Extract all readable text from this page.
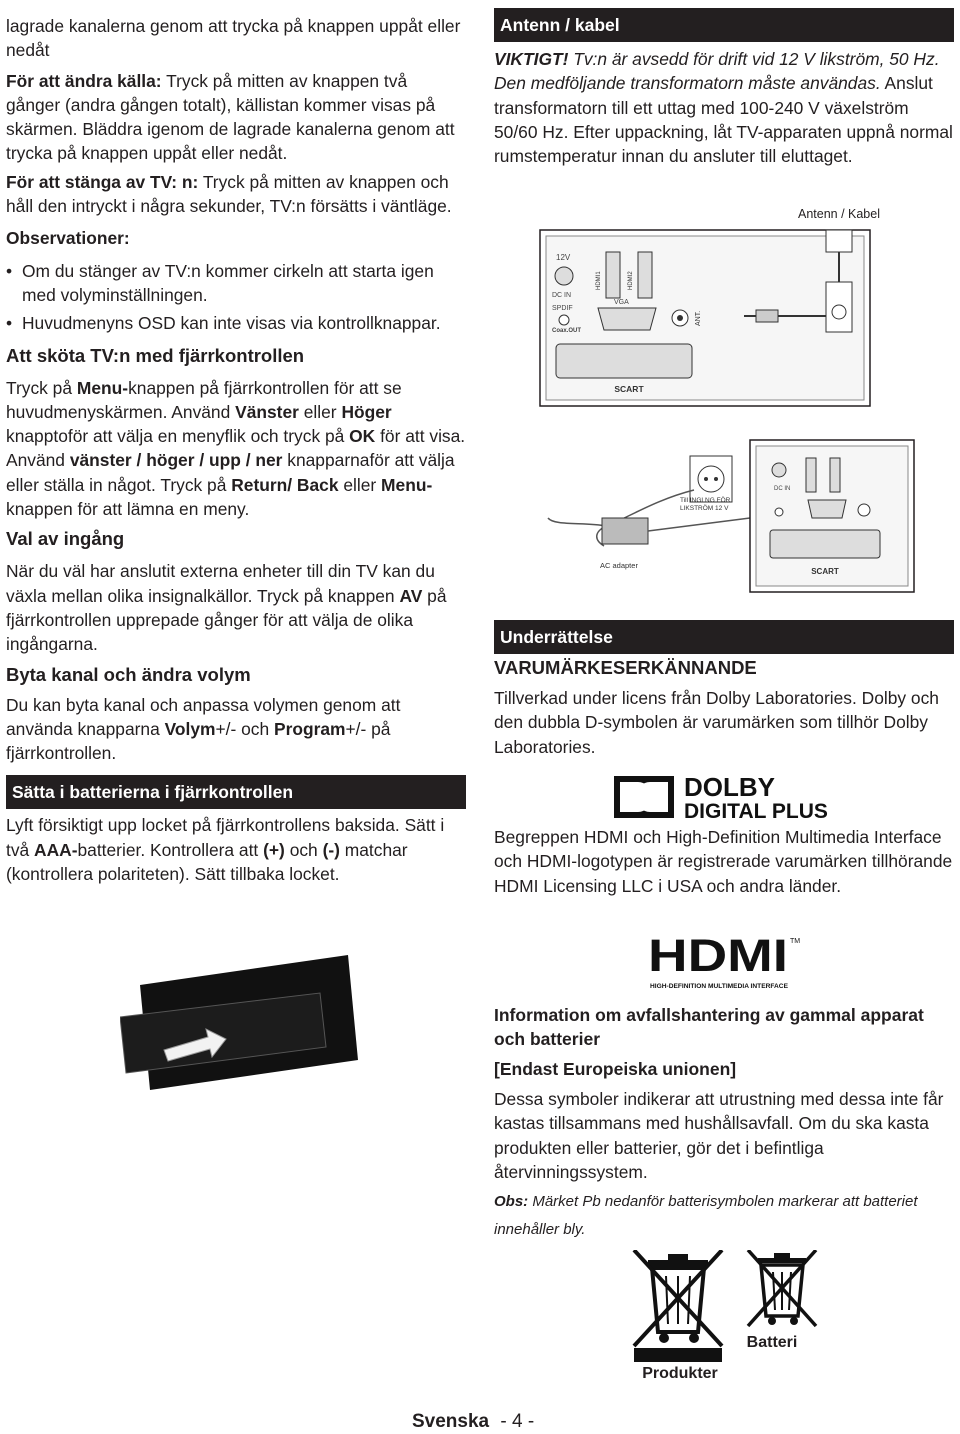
lagrade kanalerna genom att trycka på knappen uppåt eller nedåt

För att ändra källa: Tryck på mitten av knappen två gånger (andra gången totalt), källistan kommer visas på skärmen. Bläddra igenom de lagrade kanalerna genom att trycka på knappen uppåt eller nedåt.

För att stänga av TV: n: Tryck på mitten av knappen och håll den intryckt i några sekunder, TV:n försätts i väntläge.

Observationer:

• Om du stänger av TV:n kommer cirkeln att starta igen med volyminställningen.

• Huvudmenyns OSD kan inte visas via kontrollknappar.

Att sköta TV:n med fjärrkontrollen

Tryck på Menu-knappen på fjärrkontrollen för att se huvudmenyskärmen. Använd Vänster eller Höger knapptoför att välja en menyflik och tryck på OK för att visa. Använd vänster / höger / upp / ner knapparnaför att välja eller ställa in något. Tryck på Return/ Back eller Menu-knappen för att lämna en meny.

Val av ingång

När du väl har anslutit externa enheter till din TV kan du växla mellan olika insignalkällor. Tryck på knappen AV på fjärrkontrollen upprepade gånger för att välja de olika ingångarna.

Byta kanal och ändra volym

Du kan byta kanal och anpassa volymen genom att använda knapparna Volym+/- och Program+/- på fjärrkontrollen.

Sätta i batterierna i fjärrkontrollen

Lyft försiktigt upp locket på fjärrkontrollens baksida. Sätt i två AAA-batterier. Kontrollera att (+) och (-) matchar (kontrollera polariteten). Sätt tillbaka locket.

Antenn / kabel

VIKTIGT! Tv:n är avsedd för drift vid 12 V likström, 50 Hz. Den medföljande transformatorn måste användas. Anslut transformatorn till ett uttag med 100-240 V växelström 50/60 Hz. Efter uppackning, låt TV-apparaten uppnå normal rumstemperatur innan du ansluter till eluttaget.

Antenn / Kabel
12V
DC IN
SPDIF
Coax.OUT
HDMI1	HDMI2
VGA
ANT.
SCART
AC adapter
Till INGLNG FÖR
LIKSTRÖM 12 V
DC IN
SCART
Underrättelse

VARUMÄRKESERKÄNNANDE

Tillverkad under licens från Dolby Laboratories. Dolby och den dubbla D-symbolen är varumärken som tillhör Dolby Laboratories.

DOLBY
DIGITAL PLUS

Begreppen HDMI och High-Definition Multimedia Interface och HDMI-logotypen är registrerade varumärken tillhörande HDMI Licensing LLC i USA och andra länder.

HDMI TM
HIGH-DEFINITION MULTIMEDIA INTERFACE

Information om avfallshantering av gammal apparat och batterier

[Endast Europeiska unionen]

Dessa symboler indikerar att utrustning med dessa inte får kastas tillsammans med hushållsavfall. Om du ska kasta produkten eller batterier, gör det i befintliga återvinningssystem.

Obs: Märket Pb nedanför batterisymbolen markerar att batteriet innehåller bly.

Produkter
Batteri
Svenska - 4 -
